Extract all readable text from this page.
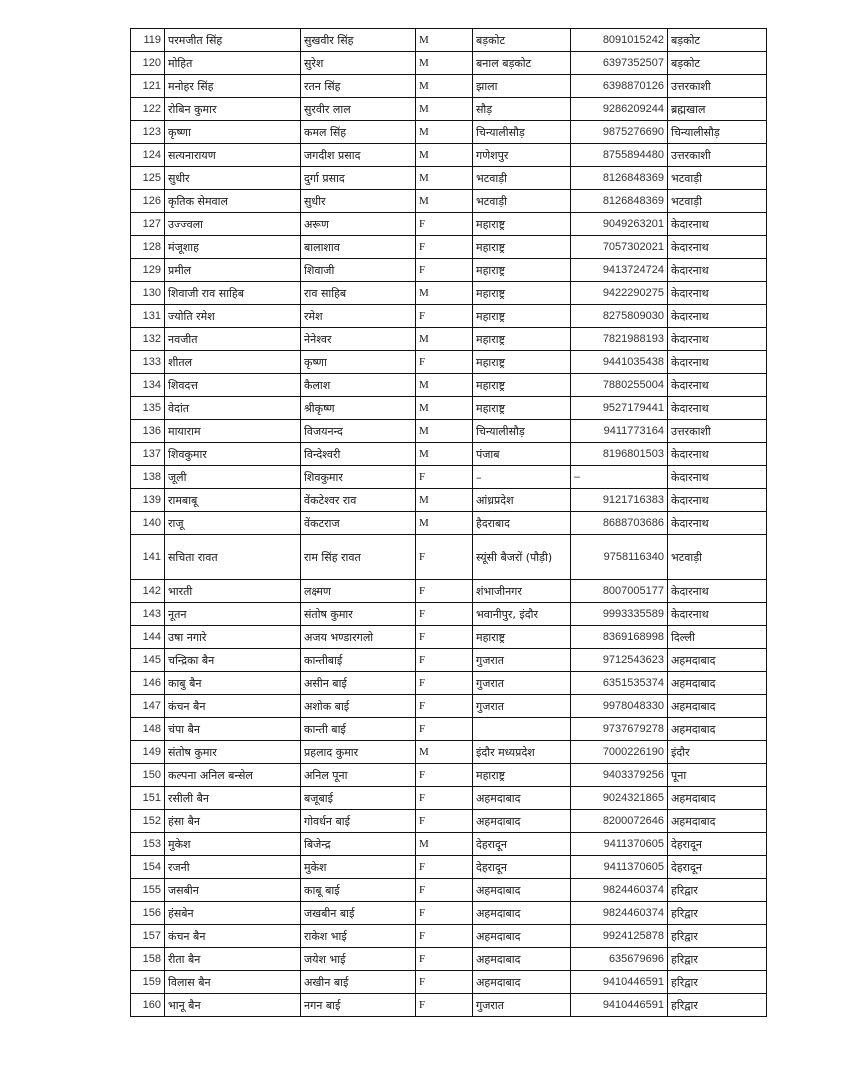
119	परमजीत सिंह	सुखवीर सिंह	M	बड़कोट	8091015242	बड़कोट
120	मोहित	सुरेश	M	बनाल बड़कोट	6397352507	बड़कोट
121	मनोहर सिंह	रतन सिंह	M	झाला	6398870126	उत्तरकाशी
122	रोबिन कुमार	सुरवीर लाल	M	सौड़	9286209244	ब्रह्मखाल
123	कृष्णा	कमल सिंह	M	चिन्यालीसौड़	9875276690	चिन्यालीसौड़
124	सत्यनारायण	जगदीश प्रसाद	M	गणेशपुर	8755894480	उत्तरकाशी
125	सुधीर	दुर्गा प्रसाद	M	भटवाड़ी	8126848369	भटवाड़ी
126	कृतिक सेमवाल	सुधीर	M	भटवाड़ी	8126848369	भटवाड़ी
127	उज्ज्वला	अरूण	F	महाराष्ट्र	9049263201	केदारनाथ
128	मंजूशाह	बालाशाव	F	महाराष्ट्र	7057302021	केदारनाथ
129	प्रमील	शिवाजी	F	महाराष्ट्र	9413724724	केदारनाथ
130	शिवाजी राव साहिब	राव साहिब	M	महाराष्ट्र	9422290275	केदारनाथ
131	ज्योति रमेश	रमेश	F	महाराष्ट्र	8275809030	केदारनाथ
132	नवजीत	नेनेश्वर	M	महाराष्ट्र	7821988193	केदारनाथ
133	शीतल	कृष्णा	F	महाराष्ट्र	9441035438	केदारनाथ
134	शिवदत्त	कैलाश	M	महाराष्ट्र	7880255004	केदारनाथ
135	वेदांत	श्रीकृष्ण	M	महाराष्ट्र	9527179441	केदारनाथ
136	मायाराम	विजयनन्द	M	चिन्यालीसौड़	9411773164	उत्तरकाशी
137	शिवकुमार	विन्देश्वरी	M	पंजाब	8196801503	केदारनाथ
138	जूली	शिवकुमार	F	–	–	केदारनाथ
139	रामबाबू	वेंकटेश्वर राव	M	आंध्रप्रदेश	9121716383	केदारनाथ
140	राजू	वेंकटराज	M	हैदराबाद	8688703686	केदारनाथ
141	सचिता रावत	राम सिंह रावत	F	स्यूंसी बैजरों (पौड़ी)	9758116340	भटवाड़ी
142	भारती	लक्ष्मण	F	शंभाजीनगर	8007005177	केदारनाथ
143	नूतन	संतोष कुमार	F	भवानीपुर, इंदौर	9993335589	केदारनाथ
144	उषा नगारे	अजय भण्डारगलो	F	महाराष्ट्र	8369168998	दिल्ली
145	चन्द्रिका बैन	कान्तीबाई	F	गुजरात	9712543623	अहमदाबाद
146	काबु बैन	असीन बाई	F	गुजरात	6351535374	अहमदाबाद
147	कंचन बैन	अशोक बाई	F	गुजरात	9978048330	अहमदाबाद
148	चंपा बैन	कान्ती बाई	F		9737679278	अहमदाबाद
149	संतोष कुमार	प्रहलाद कुमार	M	इंदौर मध्यप्रदेश	7000226190	इंदौर
150	कल्पना अनिल बन्सेल	अनिल पूना	F	महाराष्ट्र	9403379256	पूना
151	रसीली बैन	बजूबाई	F	अहमदाबाद	9024321865	अहमदाबाद
152	हंसा बैन	गोवर्धन बाई	F	अहमदाबाद	8200072646	अहमदाबाद
153	मुकेश	बिजेन्द्र	M	देहरादून	9411370605	देहरादून
154	रजनी	मुकेश	F	देहरादून	9411370605	देहरादून
155	जसबीन	काबू बाई	F	अहमदाबाद	9824460374	हरिद्वार
156	हंसबेन	जखबीन बाई	F	अहमदाबाद	9824460374	हरिद्वार
157	कंचन बैन	राकेश भाई	F	अहमदाबाद	9924125878	हरिद्वार
158	रीता बैन	जयेश भाई	F	अहमदाबाद	635679696	हरिद्वार
159	विलास बैन	अखीन बाई	F	अहमदाबाद	9410446591	हरिद्वार
160	भानू बैन	नगन बाई	F	गुजरात	9410446591	हरिद्वार
